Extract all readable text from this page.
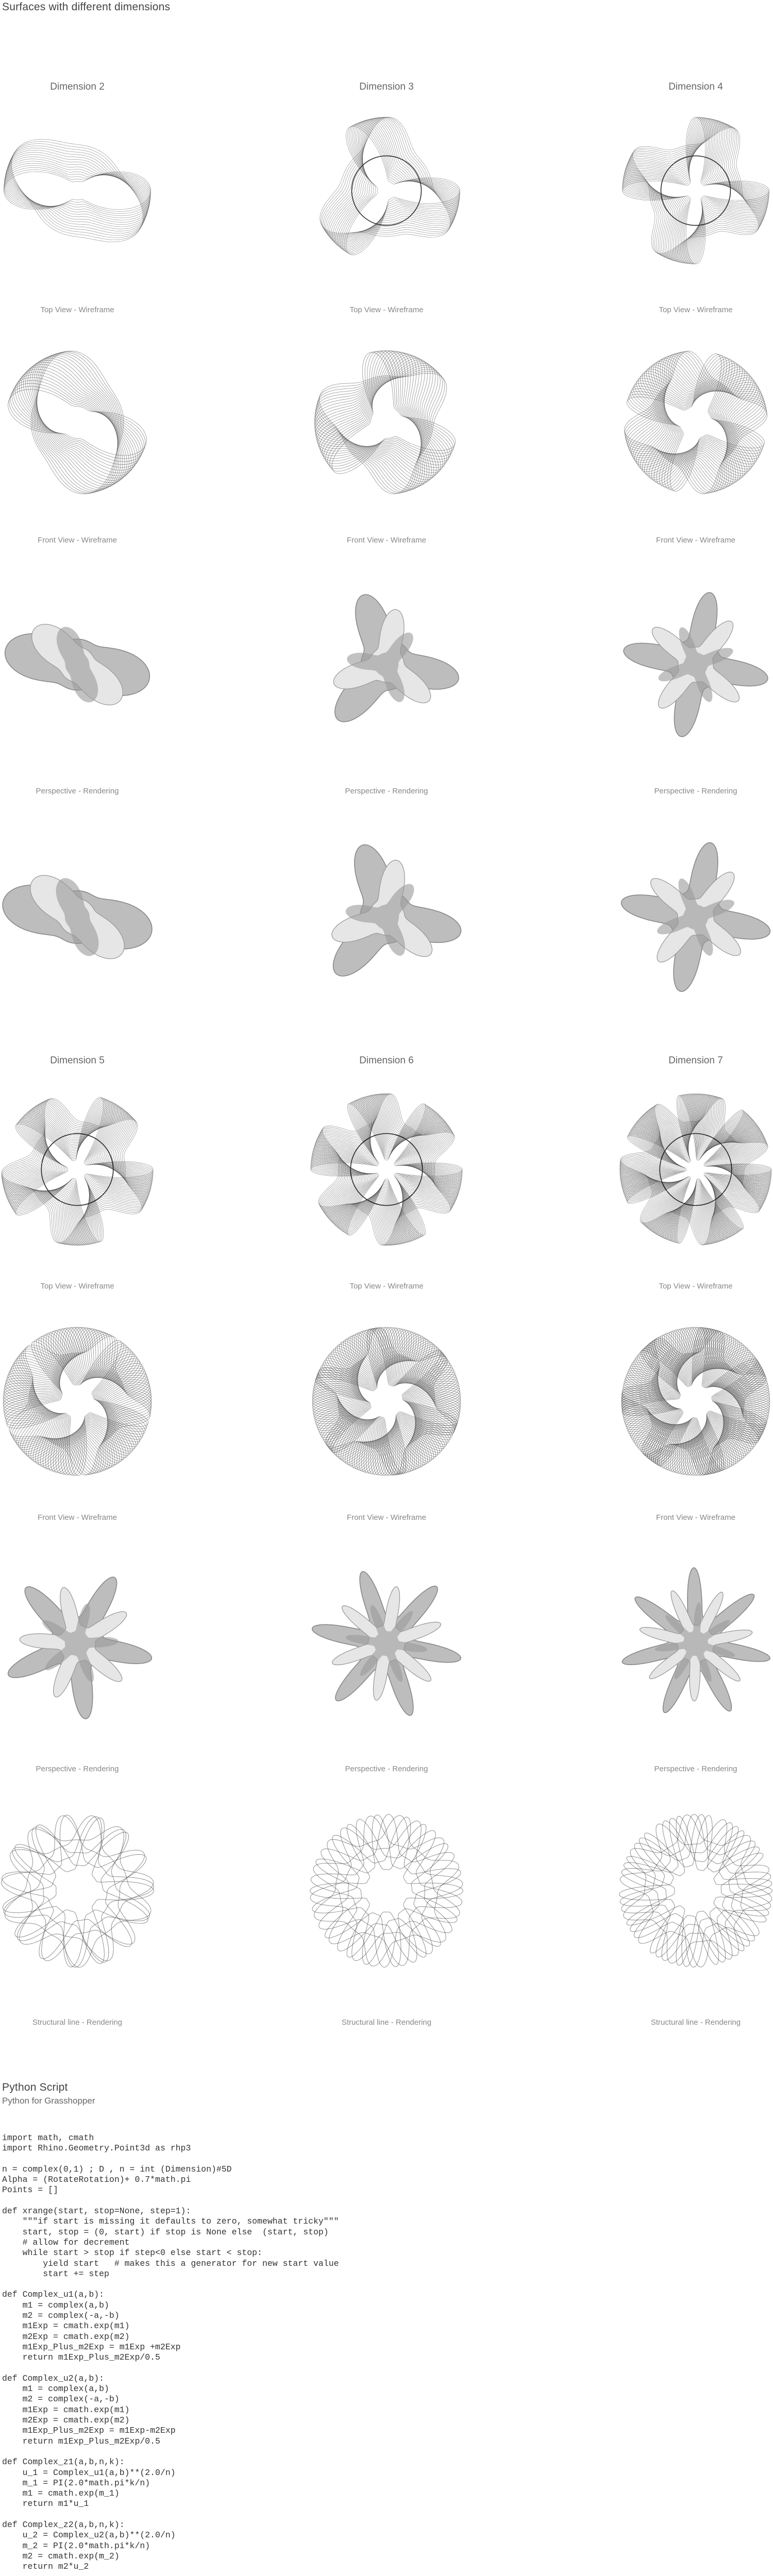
Surfaces with different dimensions
Dimension 2	Dimension 3	Dimension 4
Top View - Wireframe	Top View - Wireframe	Top View - Wireframe
Front View - Wireframe	Front View - Wireframe	Front View - Wireframe
Perspective - Rendering	Perspective - Rendering	Perspective - Rendering
Dimension 5	Dimension 6	Dimension 7
Top View - Wireframe	Top View - Wireframe	Top View - Wireframe
Front View - Wireframe	Front View - Wireframe	Front View - Wireframe
Perspective - Rendering	Perspective - Rendering	Perspective - Rendering
Structural line - Rendering	Structural line - Rendering	Structural line - Rendering
Python Script
Python for Grasshopper
import math, cmath
import Rhino.Geometry.Point3d as rhp3

n = complex(0,1) ; D , n = int (Dimension)#5D
Alpha = (RotateRotation)+ 0.7*math.pi
Points = []

def xrange(start, stop=None, step=1):
"""if start is missing it defaults to zero, somewhat tricky"""
start, stop = (0, start) if stop is None else  (start, stop)
# allow for decrement
while start > stop if step<0 else start < stop:
yield start   # makes this a generator for new start value
start += step

def Complex_u1(a,b):
m1 = complex(a,b)
m2 = complex(-a,-b)
m1Exp = cmath.exp(m1)
m2Exp = cmath.exp(m2)
m1Exp_Plus_m2Exp = m1Exp +m2Exp
return m1Exp_Plus_m2Exp/0.5

def Complex_u2(a,b):
m1 = complex(a,b)
m2 = complex(-a,-b)
m1Exp = cmath.exp(m1)
m2Exp = cmath.exp(m2)
m1Exp_Plus_m2Exp = m1Exp-m2Exp
return m1Exp_Plus_m2Exp/0.5

def Complex_z1(a,b,n,k):
u_1 = Complex_u1(a,b)**(2.0/n)
m_1 = PI(2.0*math.pi*k/n)
m1 = cmath.exp(m_1)
return m1*u_1

def Complex_z2(a,b,n,k):
u_2 = Complex_u2(a,b)**(2.0/n)
m_2 = PI(2.0*math.pi*k/n)
m2 = cmath.exp(m_2)
return m2*u_2
